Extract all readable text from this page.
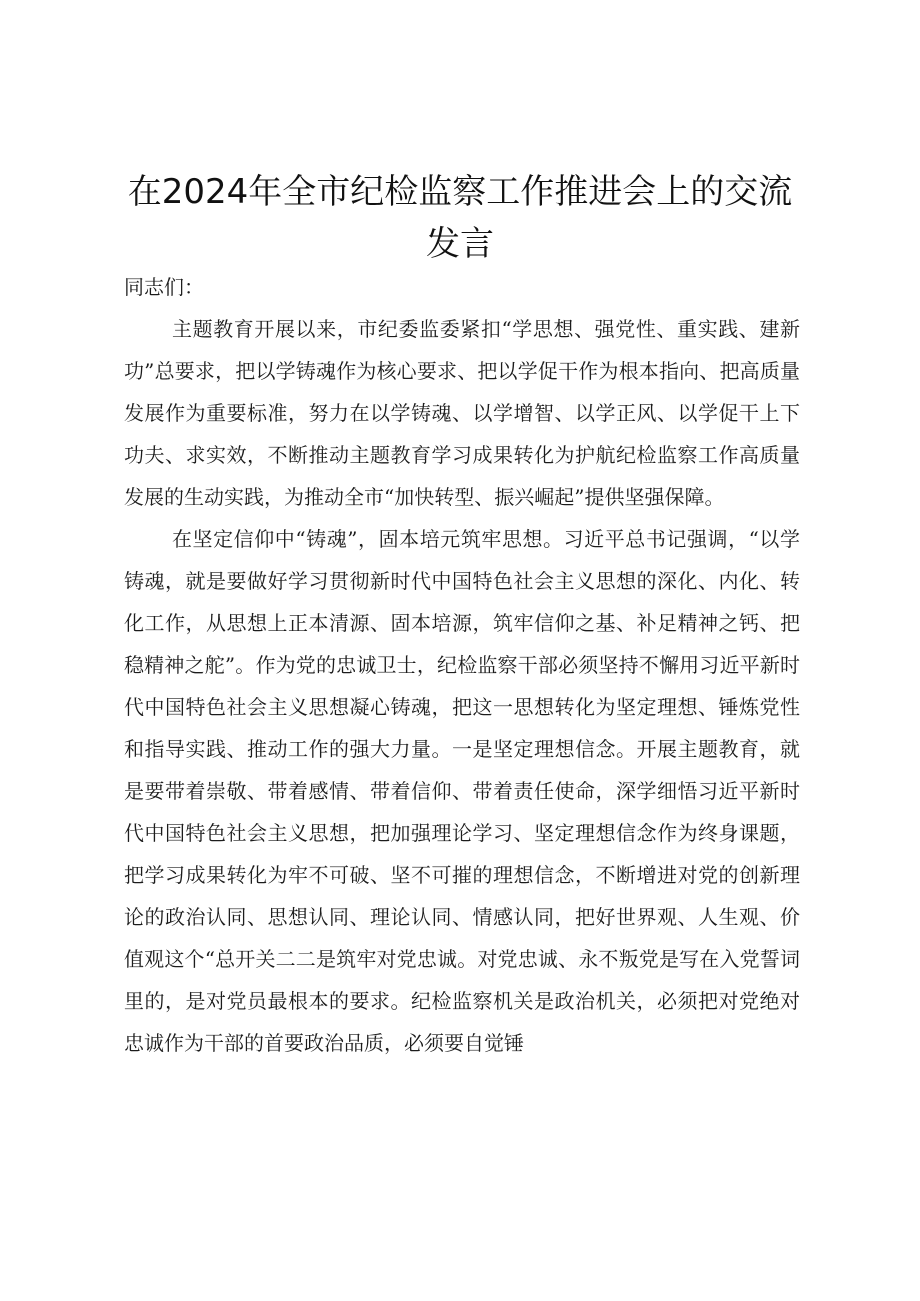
在2024年全市纪检监察工作推进会上的交流
发言

同志们：

主题教育开展以来，市纪委监委紧扣“学思想、强党性、重实践、建新功”总要求，把以学铸魂作为核心要求、把以学促干作为根本指向、把高质量发展作为重要标准，努力在以学铸魂、以学增智、以学正风、以学促干上下功夫、求实效，不断推动主题教育学习成果转化为护航纪检监察工作高质量发展的生动实践，为推动全市“加快转型、振兴崛起”提供坚强保障。

在坚定信仰中“铸魂”，固本培元筑牢思想。习近平总书记强调，“以学铸魂，就是要做好学习贯彻新时代中国特色社会主义思想的深化、内化、转化工作，从思想上正本清源、固本培源，筑牢信仰之基、补足精神之钙、把稳精神之舵”。作为党的忠诚卫士，纪检监察干部必须坚持不懈用习近平新时代中国特色社会主义思想凝心铸魂，把这一思想转化为坚定理想、锤炼党性和指导实践、推动工作的强大力量。一是坚定理想信念。开展主题教育，就是要带着崇敬、带着感情、带着信仰、带着责任使命，深学细悟习近平新时代中国特色社会主义思想，把加强理论学习、坚定理想信念作为终身课题，把学习成果转化为牢不可破、坚不可摧的理想信念，不断增进对党的创新理论的政治认同、思想认同、理论认同、情感认同，把好世界观、人生观、价值观这个“总开关二二是筑牢对党忠诚。对党忠诚、永不叛党是写在入党誓词里的，是对党员最根本的要求。纪检监察机关是政治机关，必须把对党绝对忠诚作为干部的首要政治品质，必须要自觉锤
